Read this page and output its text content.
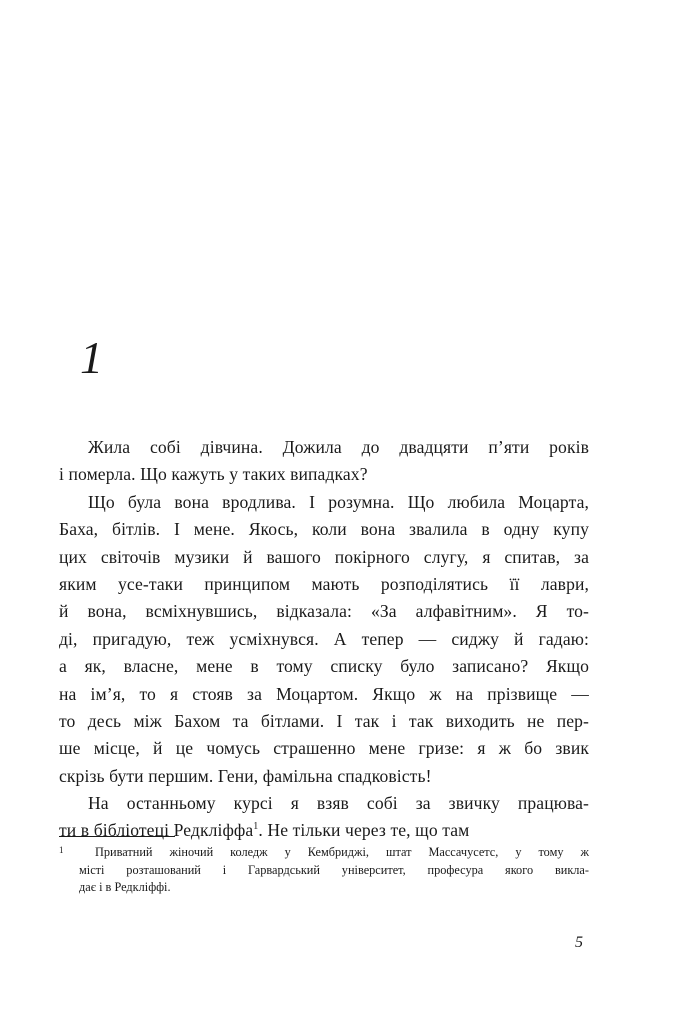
1
Жила собі дівчина. Дожила до двадцяти п’яти років
і померла. Що кажуть у таких випадках?
Що була вона вродлива. І розумна. Що любила Моцарта,
Баха, бітлів. І мене. Якось, коли вона звалила в одну купу
цих світочів музики й вашого покірного слугу, я спитав, за
яким усе-таки принципом мають розподілятись її лаври,
й вона, всміхнувшись, відказала: «За алфавітним». Я то-
ді, пригадую, теж усміхнувся. А тепер — сиджу й гадаю:
а як, власне, мене в тому списку було записано? Якщо
на ім’я, то я стояв за Моцартом. Якщо ж на прізвище —
то десь між Бахом та бітлами. І так і так виходить не пер-
ше місце, й це чомусь страшенно мене гризе: я ж бо звик
скрізь бути першим. Гени, фамільна спадковість!
На останньому курсі я взяв собі за звичку працюва-
ти в бібліотеці Редкліффа$^1$. Не тільки через те, що там
1	Приватний жіночий коледж у Кембриджі, штат Массачусетс, у тому ж
місті розташований і Гарвардський університет, професура якого викла-
дає і в Редкліффі.
5
